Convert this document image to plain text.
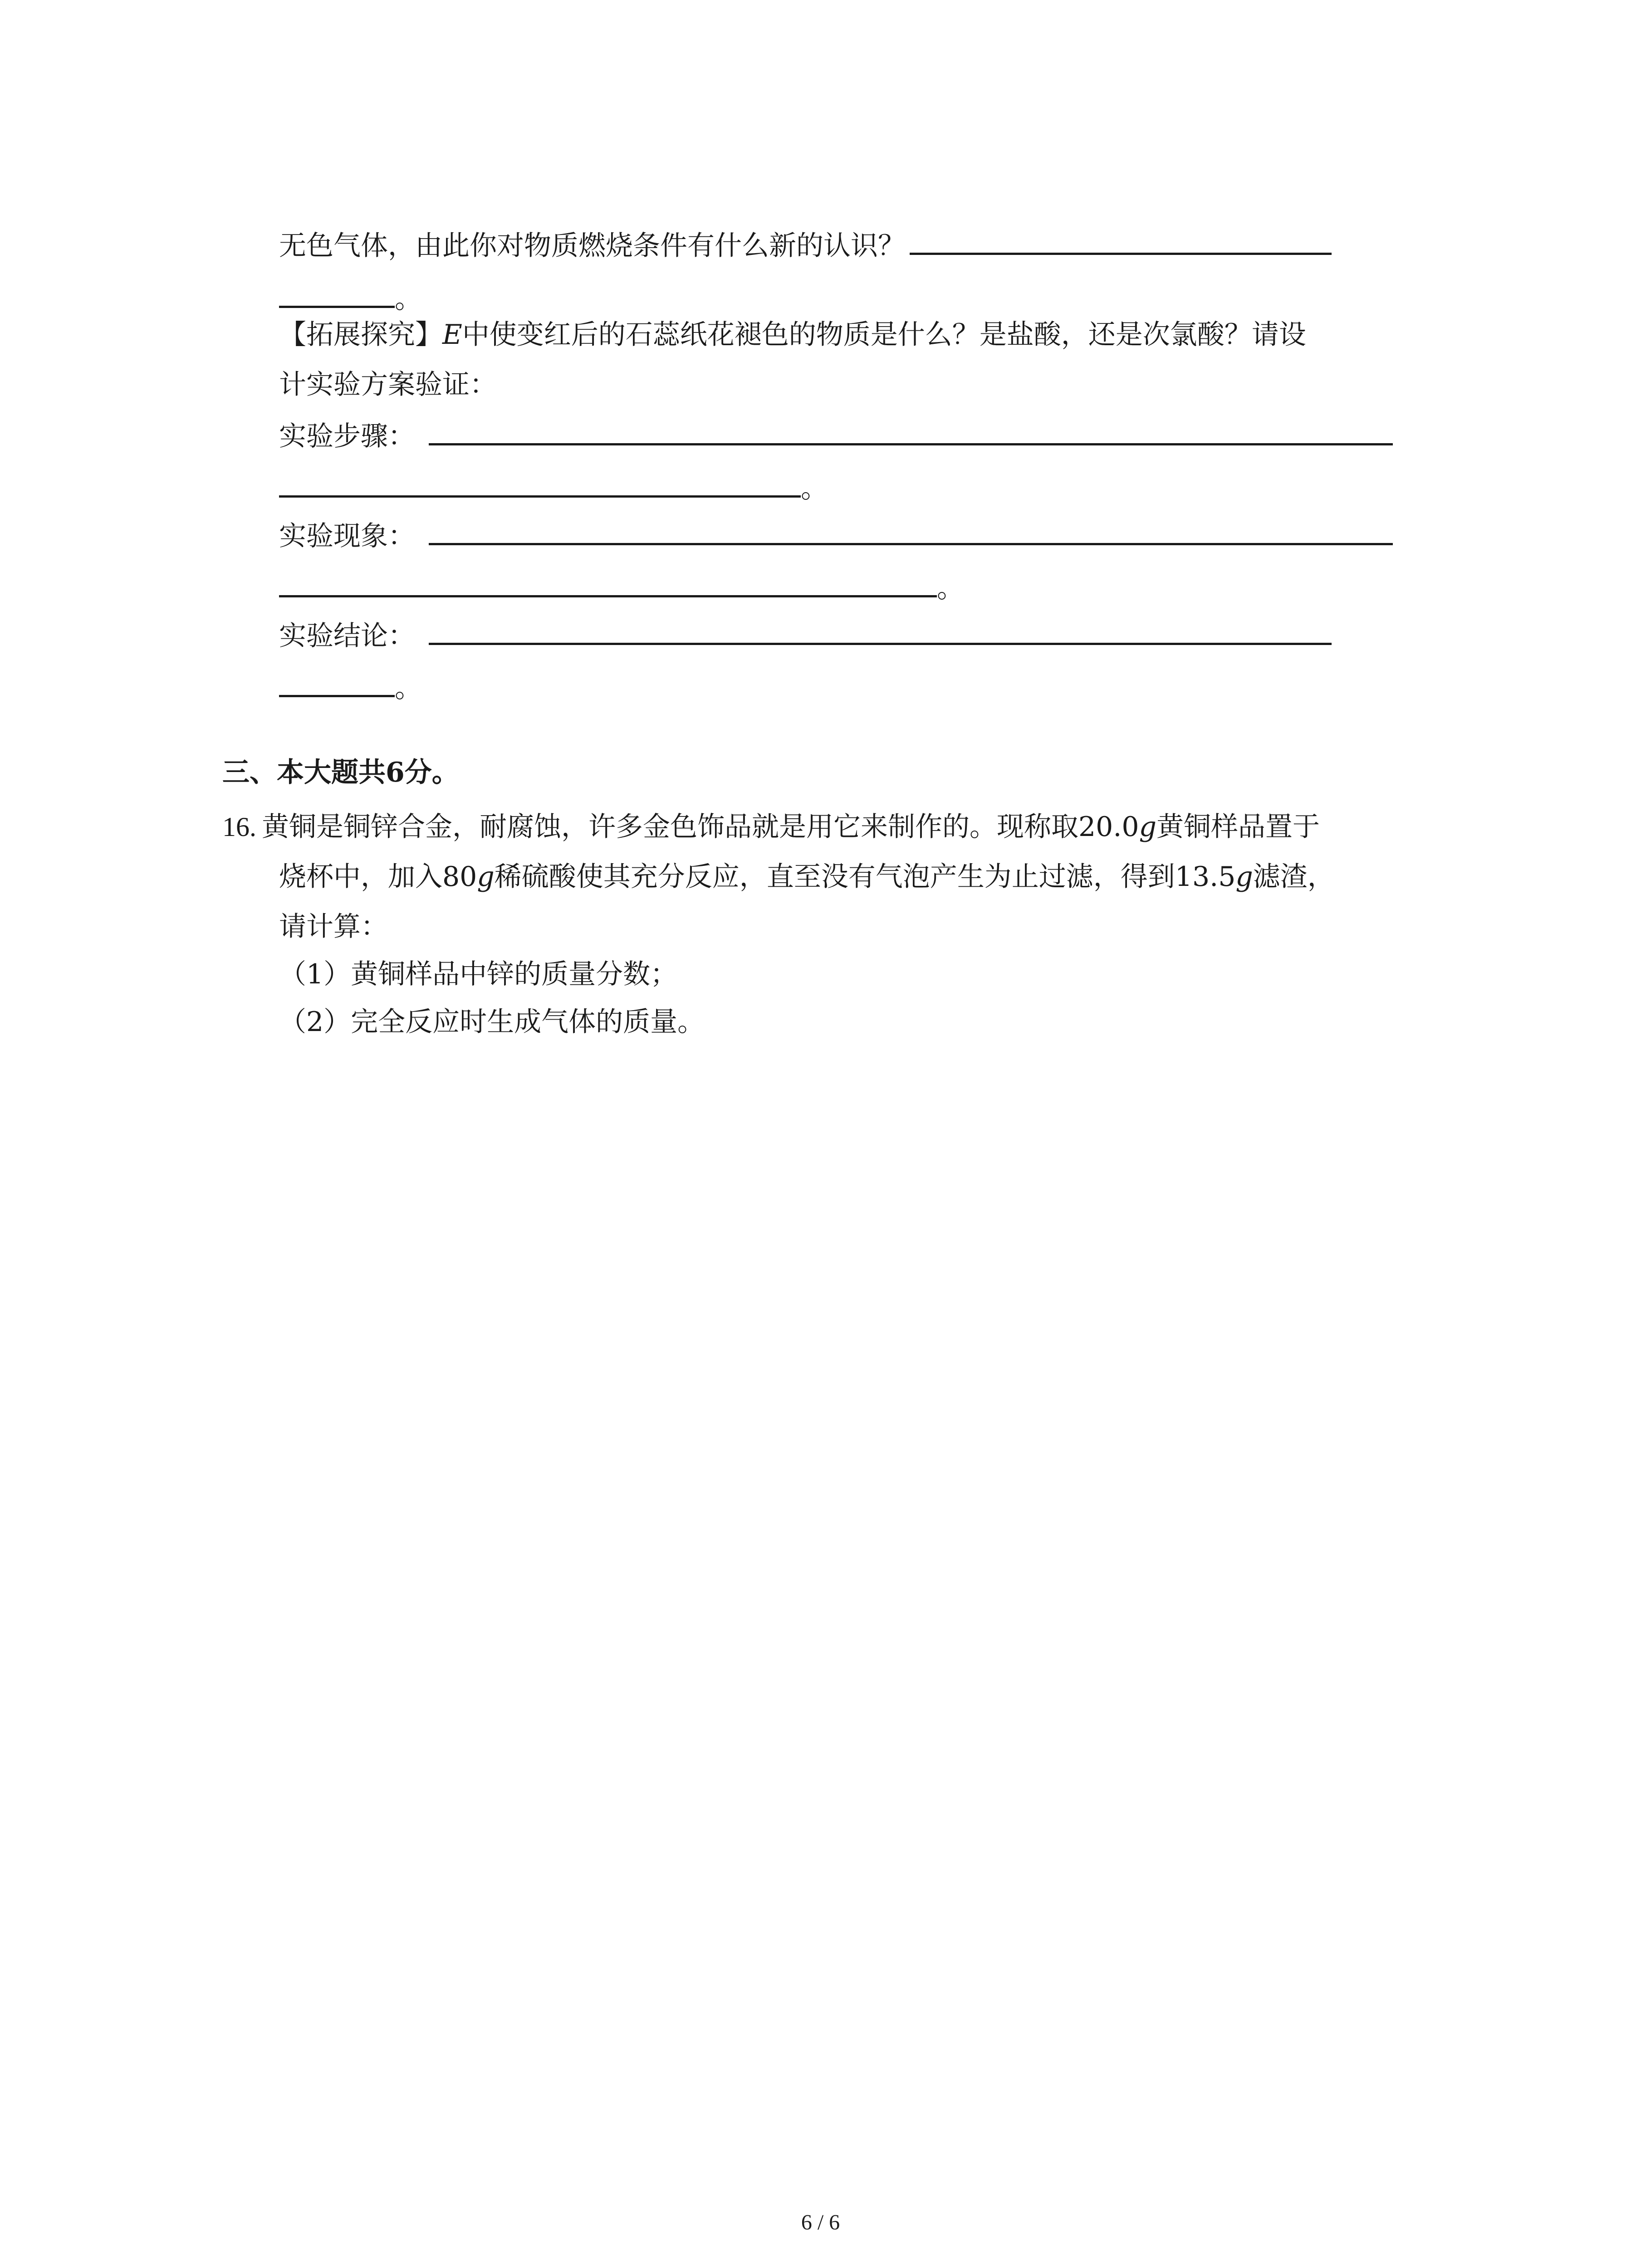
无色气体，由此你对物质燃烧条件有什么新的认识？
。
【拓展探究】E中使变红后的石蕊纸花褪色的物质是什么？是盐酸，还是次氯酸？请设
计实验方案验证：
实验步骤：
。
实验现象：
。
实验结论：
。
三、本大题共6分。
16. 黄铜是铜锌合金，耐腐蚀，许多金色饰品就是用它来制作的。现称取20.0g黄铜样品置于
烧杯中，加入80g稀硫酸使其充分反应，直至没有气泡产生为止过滤，得到13.5g滤渣，
请计算：
（1）黄铜样品中锌的质量分数；
（2）完全反应时生成气体的质量。
6 / 6
